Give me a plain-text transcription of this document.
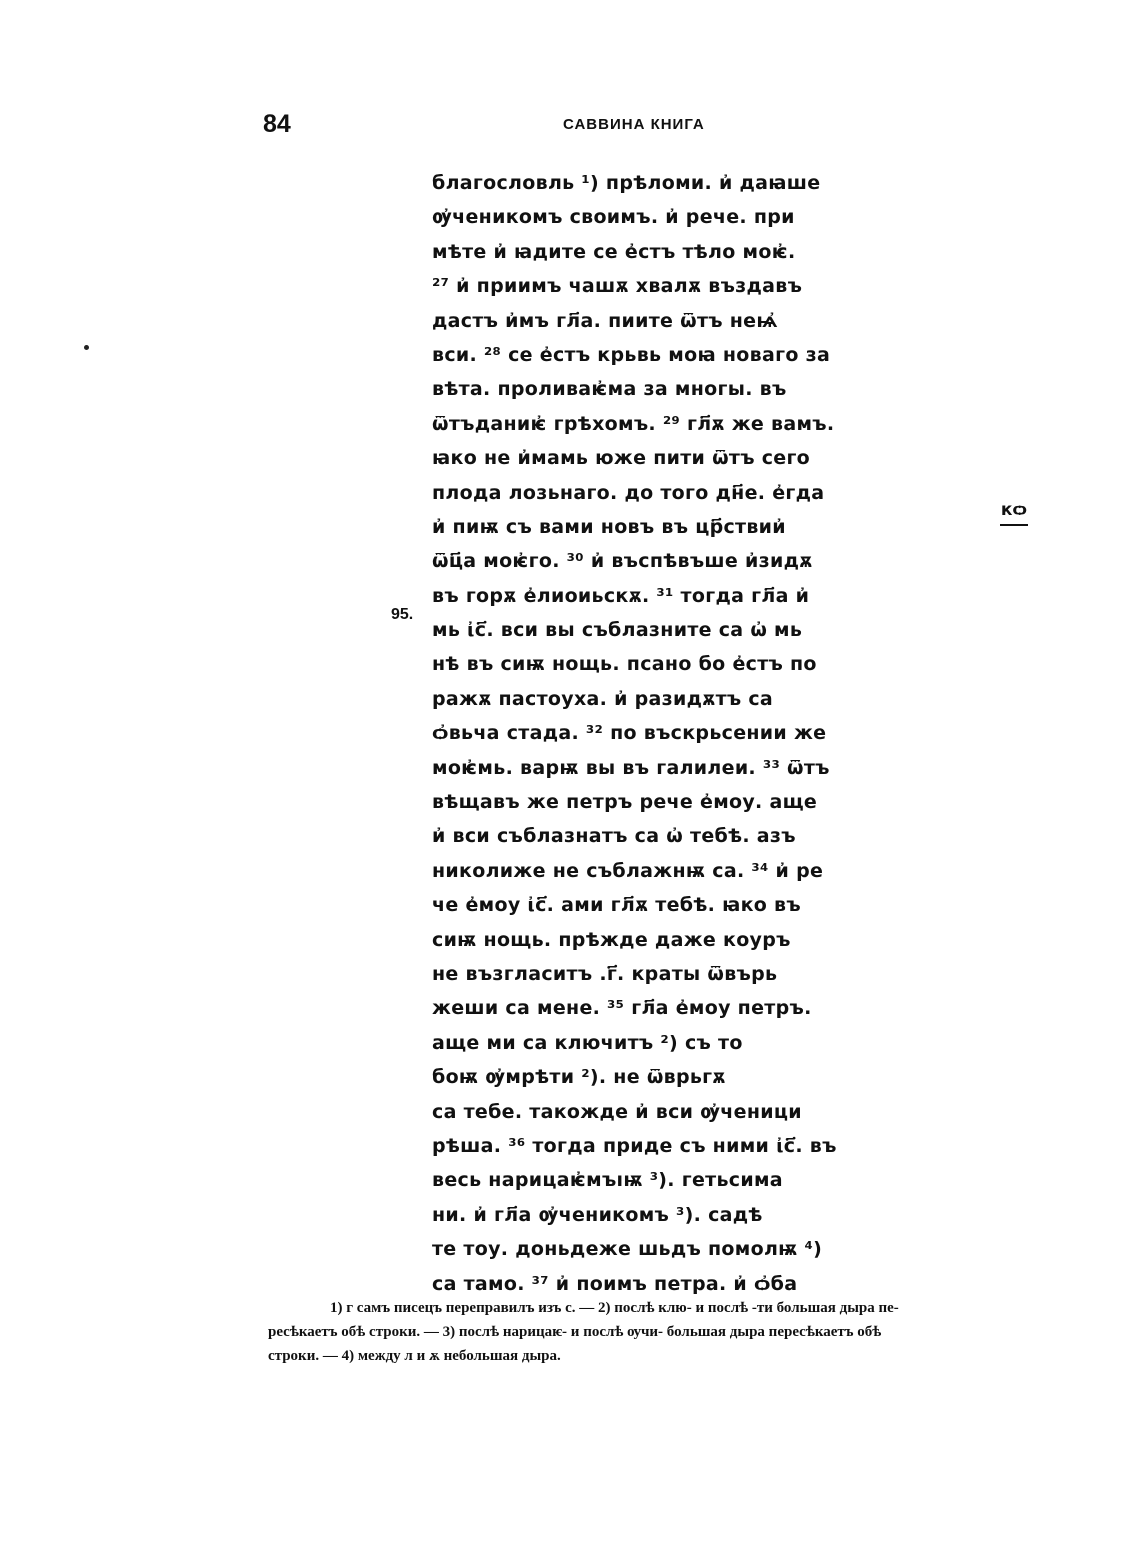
84	САВВИНА КНИГА
благословль ¹) прѣломи. и҆ даꙗше
ѹ҆ченикомъ своимъ. и҆ рече. при
мѣте и҆ ꙗдите се е҆стъ тѣло моѥ҆.
²⁷ и҆ приимъ чашѫ хвалѫ въздавъ
дастъ и҆мъ гл҃а. пиите ѿтъ неѩ҆
вси. ²⁸ се е҆стъ крьвь моꙗ новаго за
вѣта. проливаѥ҆ма за многы. въ
ѿтъданиѥ҆ грѣхомъ. ²⁹ гл҃ѫ же вамъ.
ꙗко не и҆мамь юже пити ѿтъ сего
плода лозьнаго. до того дн҃е. е҆гда
и҆ пиѭ съ вами новъ въ цр҃ствии҆
ѿц҃а моѥ҆го. ³⁰ и҆ въспѣвъше и҆зидѫ
въ горѫ е҆лиоиьскѫ. ³¹ тогда гл҃а и҆
мь ι҆с҃. вси вы съблазните са ѡ҆ мь
нѣ въ сиѭ нощь. псано бо е҆стъ по
ражѫ пастоуха. и҆ разидѫтъ са
ѻ҆вьча стада. ³² по въскрьсении же
моѥ҆мь. варѭ вы въ галилеи. ³³ ѿтъ
вѣщавъ же петръ рече е҆моу. аще
и҆ вси съблазнатъ са ѡ҆ тебѣ. азъ
николиже не съблажнѭ са. ³⁴ и҆ ре
че е҆моу ι҆с҃. ами гл҃ѫ тебѣ. ꙗко въ
сиѭ нощь. прѣжде даже коуръ
не възгласитъ .г҃. краты ѿвърь
жеши са мене. ³⁵ гл҃а е҆моу петръ.
аще ми са ключитъ ²) съ то
боѭ ѹ҆мрѣти ²). не ѿврьгѫ
са тебе. такожде и҆ вси ѹ҆ченици
рѣша. ³⁶ тогда приде съ ними ι҆с҃. въ
весь нарицаѥ҆мъıѭ ³). гетьсима
ни. и҆ гл҃а ѹ҆ченикомъ ³). садѣ
те тоу. доньдеже шьдъ помолѭ ⁴)
са тамо. ³⁷ и҆ поимъ петра. и҆ ѻ҆ба
95.
кѻ
1) г самъ писецъ переправилъ изъ с. — 2) послѣ клю- и послѣ -ти большая дыра пе-
ресѣкаетъ обѣ строки. — 3) послѣ нарицаѥ- и послѣ ѹчи- большая дыра пересѣкаетъ обѣ
строки. — 4) между л и ѫ небольшая дыра.
